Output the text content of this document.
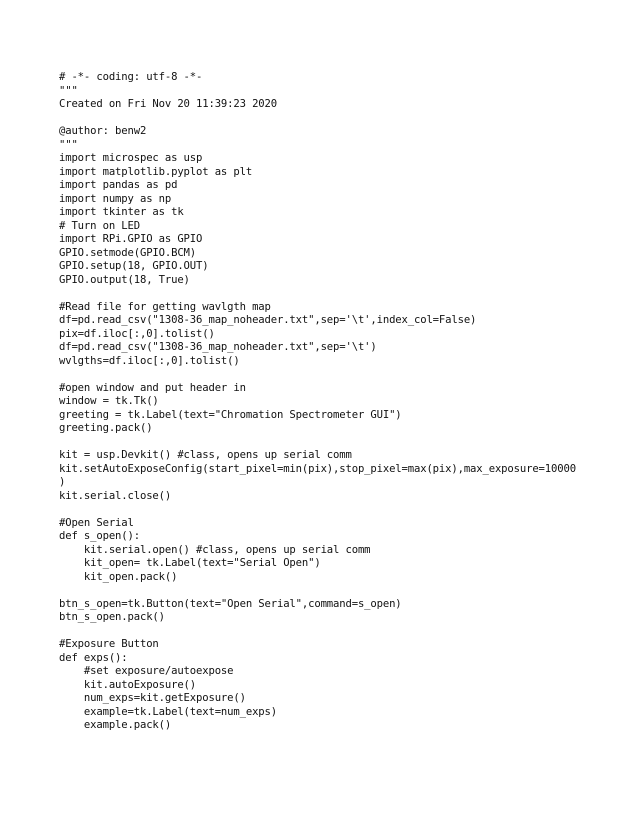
# -*- coding: utf-8 -*-
"""
Created on Fri Nov 20 11:39:23 2020
@author: benw2
"""
import microspec as usp
import matplotlib.pyplot as plt
import pandas as pd
import numpy as np
import tkinter as tk
# Turn on LED
import RPi.GPIO as GPIO
GPIO.setmode(GPIO.BCM)
GPIO.setup(18, GPIO.OUT)
GPIO.output(18, True)
#Read file for getting wavlgth map
df=pd.read_csv("1308-36_map_noheader.txt",sep='\t',index_col=False)
pix=df.iloc[:,0].tolist()
df=pd.read_csv("1308-36_map_noheader.txt",sep='\t')
wvlgths=df.iloc[:,0].tolist()
#open window and put header in
window = tk.Tk()
greeting = tk.Label(text="Chromation Spectrometer GUI")
greeting.pack()
kit = usp.Devkit() #class, opens up serial comm
kit.setAutoExposeConfig(start_pixel=min(pix),stop_pixel=max(pix),max_exposure=10000
)
kit.serial.close()
#Open Serial
def s_open():
kit.serial.open() #class, opens up serial comm
kit_open= tk.Label(text="Serial Open")
kit_open.pack()
btn_s_open=tk.Button(text="Open Serial",command=s_open)
btn_s_open.pack()
#Exposure Button
def exps():
#set exposure/autoexpose
kit.autoExposure()
num_exps=kit.getExposure()
example=tk.Label(text=num_exps)
example.pack()
